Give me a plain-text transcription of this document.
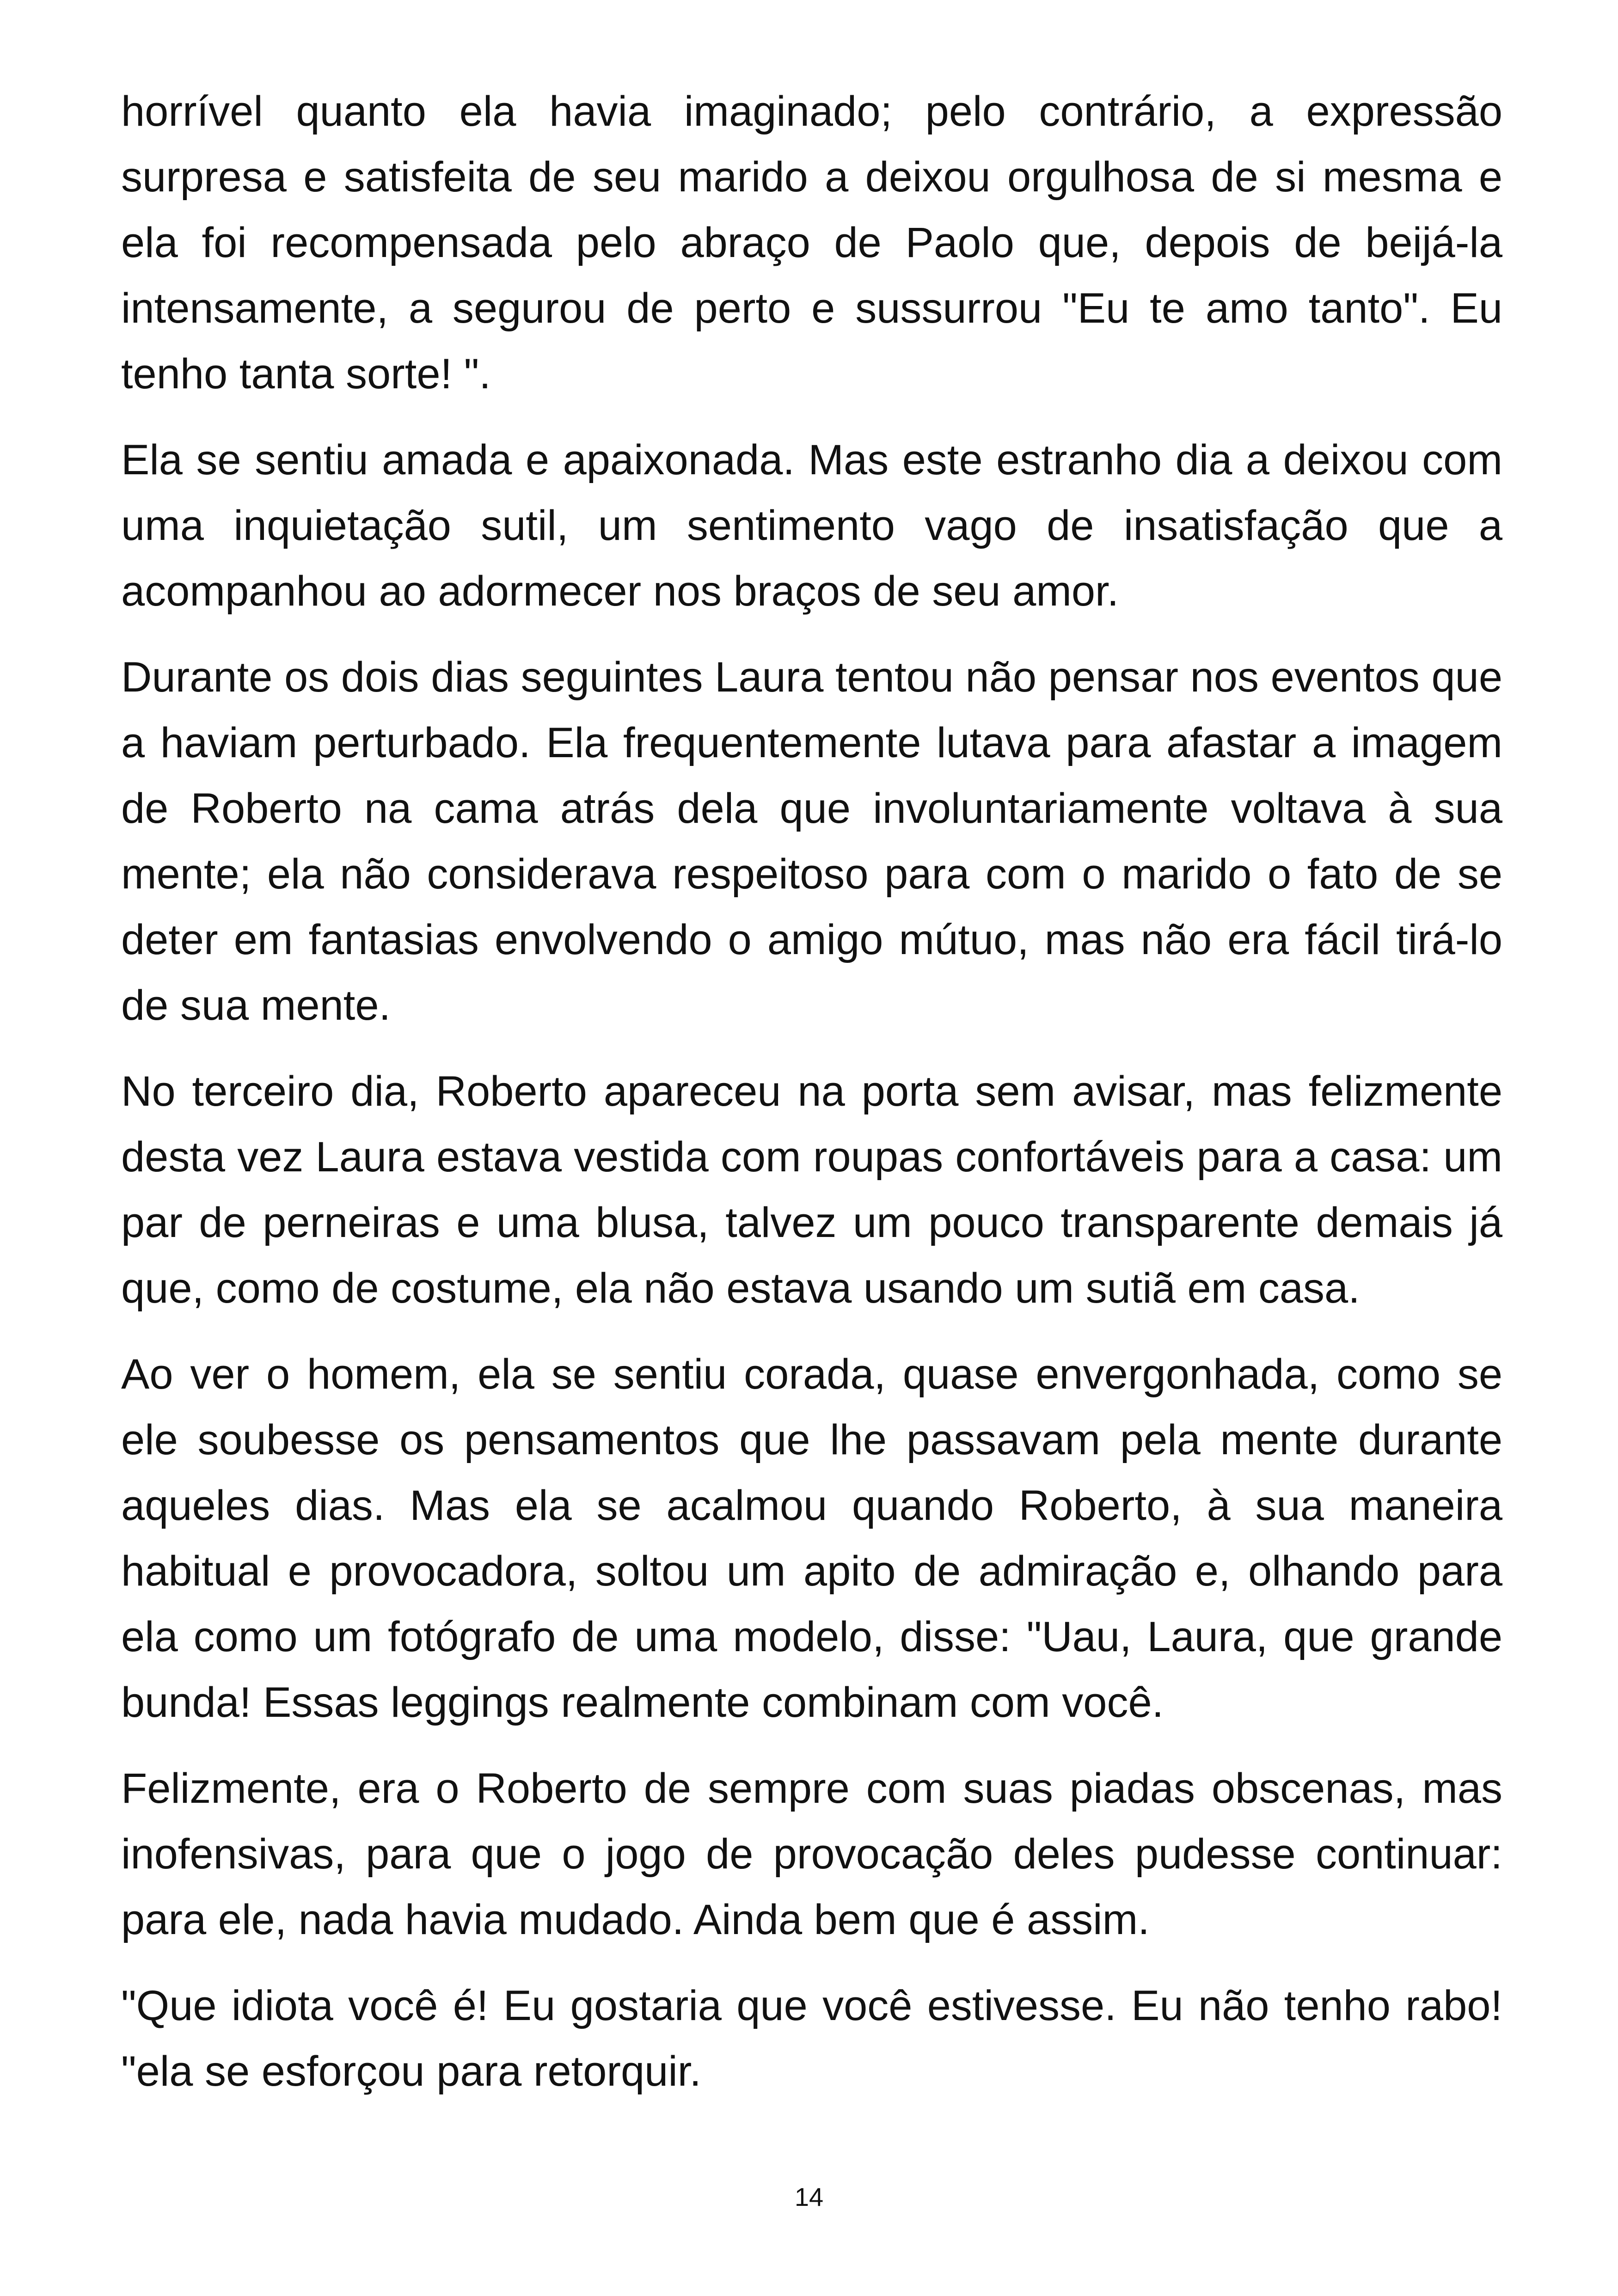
horrível quanto ela havia imaginado; pelo contrário, a expressão surpresa e satisfeita de seu marido a deixou orgulhosa de si mesma e ela foi recompensada pelo abraço de Paolo que, depois de beijá-la intensamente, a segurou de perto e sussurrou "Eu te amo tanto". Eu tenho tanta sorte! ".

Ela se sentiu amada e apaixonada. Mas este estranho dia a deixou com uma inquietação sutil, um sentimento vago de insatisfação que a acompanhou ao adormecer nos braços de seu amor.

Durante os dois dias seguintes Laura tentou não pensar nos eventos que a haviam perturbado. Ela frequentemente lutava para afastar a imagem de Roberto na cama atrás dela que involuntariamente voltava à sua mente; ela não considerava respeitoso para com o marido o fato de se deter em fantasias envolvendo o amigo mútuo, mas não era fácil tirá-lo de sua mente.

No terceiro dia, Roberto apareceu na porta sem avisar, mas felizmente desta vez Laura estava vestida com roupas confortáveis para a casa: um par de perneiras e uma blusa, talvez um pouco transparente demais já que, como de costume, ela não estava usando um sutiã em casa.

Ao ver o homem, ela se sentiu corada, quase envergonhada, como se ele soubesse os pensamentos que lhe passavam pela mente durante aqueles dias. Mas ela se acalmou quando Roberto, à sua maneira habitual e provocadora, soltou um apito de admiração e, olhando para ela como um fotógrafo de uma modelo, disse: "Uau, Laura, que grande bunda! Essas leggings realmente combinam com você.

Felizmente, era o Roberto de sempre com suas piadas obscenas, mas inofensivas, para que o jogo de provocação deles pudesse continuar: para ele, nada havia mudado. Ainda bem que é assim.

"Que idiota você é! Eu gostaria que você estivesse. Eu não tenho rabo! "ela se esforçou para retorquir.

14
